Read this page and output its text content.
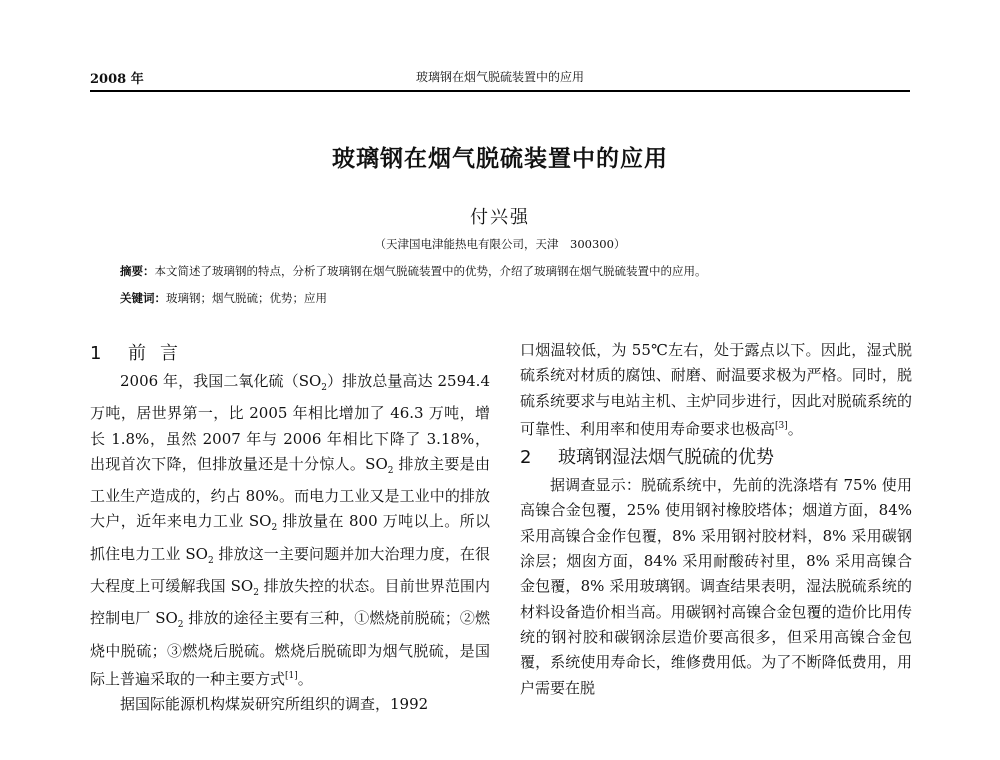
2008 年	玻璃钢在烟气脱硫装置中的应用
玻璃钢在烟气脱硫装置中的应用
付兴强
（天津国电津能热电有限公司，天津　300300）
摘要：本文简述了玻璃钢的特点，分析了玻璃钢在烟气脱硫装置中的优势，介绍了玻璃钢在烟气脱硫装置中的应用。
关键词：玻璃钢；烟气脱硫；优势；应用
1 前言

2006 年，我国二氧化硫$(SO_2)$排放总量高达 2594.4 万吨，居世界第一，比 2005 年相比增加了 46.3 万吨，增长 1.8%，虽然 2007 年与 2006 年相比下降了 3.18%，出现首次下降，但排放量还是十分惊人。$SO_2$ 排放主要是由工业生产造成的，约占 80%。而电力工业又是工业中的排放大户，近年来电力工业 $SO_2$ 排放量在 800 万吨以上。所以抓住电力工业 $SO_2$ 排放这一主要问题并加大治理力度，在很大程度上可缓解我国 $SO_2$ 排放失控的状态。目前世界范围内控制电厂 $SO_2$ 排放的途径主要有三种，①燃烧前脱硫；②燃烧中脱硫；③燃烧后脱硫。燃烧后脱硫即为烟气脱硫，是国际上普遍采取的一种主要方式[1]。

据国际能源机构煤炭研究所组织的调查，1992

口烟温较低，为 55℃左右，处于露点以下。因此，湿式脱硫系统对材质的腐蚀、耐磨、耐温要求极为严格。同时，脱硫系统要求与电站主机、主炉同步进行，因此对脱硫系统的可靠性、利用率和使用寿命要求也极高[3]。

2 玻璃钢湿法烟气脱硫的优势

据调查显示：脱硫系统中，先前的洗涤塔有 75% 使用高镍合金包覆，25% 使用钢衬橡胶塔体；烟道方面，84% 采用高镍合金作包覆，8% 采用钢衬胶材料，8% 采用碳钢涂层；烟囱方面，84% 采用耐酸砖衬里，8% 采用高镍合金包覆，8% 采用玻璃钢。调查结果表明，湿法脱硫系统的材料设备造价相当高。用碳钢衬高镍合金包覆的造价比用传统的钢衬胶和碳钢涂层造价要高很多，但采用高镍合金包覆，系统使用寿命长，维修费用低。为了不断降低费用，用户需要在脱
